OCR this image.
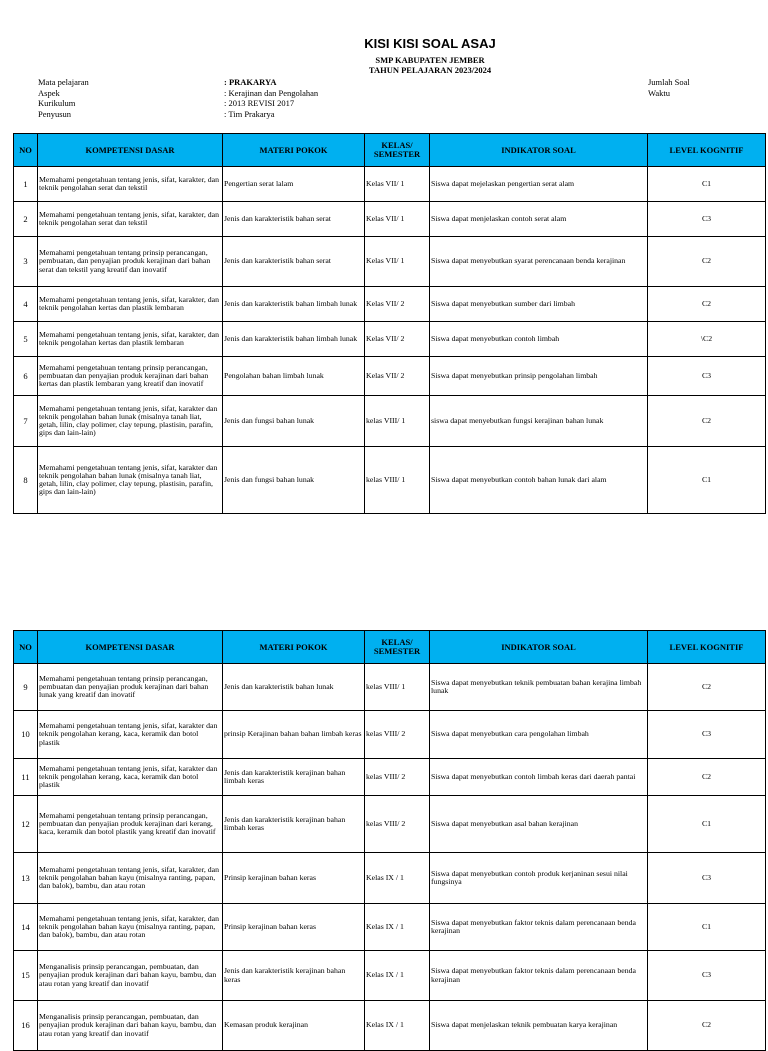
KISI KISI SOAL ASAJ
SMP KABUPATEN JEMBER
TAHUN PELAJARAN 2023/2024
Mata pelajaran	: PRAKARYA
Aspek	: Kerajinan dan Pengolahan
Kurikulum	: 2013 REVISI 2017
Penyusun	: Tim Prakarya
Jumlah Soal
Waktu
NO	KOMPETENSI DASAR	MATERI POKOK	KELAS/ SEMESTER	INDIKATOR SOAL	LEVEL KOGNITIF
1	Memahami pengetahuan tentang jenis, sifat, karakter, dan teknik pengolahan serat dan tekstil	Pengertian serat lalam	Kelas VII/ 1	Siswa dapat mejelaskan pengertian serat alam	C1
2	Memahami pengetahuan tentang jenis, sifat, karakter, dan teknik pengolahan serat dan tekstil	Jenis dan karakteristik bahan serat	Kelas VII/ 1	Siswa dapat menjelaskan contoh serat alam	C3
3	Memahami pengetahuan tentang prinsip perancangan, pembuatan, dan penyajian produk kerajinan dari bahan serat dan tekstil yang kreatif dan inovatif	Jenis dan karakteristik bahan serat	Kelas VII/ 1	Siswa dapat menyebutkan syarat perencanaan benda kerajinan	C2
4	Memahami pengetahuan tentang jenis, sifat, karakter, dan teknik pengolahan kertas dan plastik lembaran	Jenis dan karakteristik bahan limbah lunak	Kelas VII/ 2	Siswa dapat menyebutkan sumber dari limbah	C2
5	Memahami pengetahuan tentang jenis, sifat, karakter, dan teknik pengolahan kertas dan plastik lembaran	Jenis dan karakteristik bahan limbah lunak	Kelas VII/ 2	Siswa dapat menyebutkan contoh limbah	\C2
6	Memahami pengetahuan tentang prinsip perancangan, pembuatan dan penyajian produk kerajinan dari bahan kertas dan plastik lembaran yang kreatif dan inovatif	Pengolahan bahan limbah lunak	Kelas VII/ 2	Siswa dapat menyebutkan prinsip pengolahan limbah	C3
7	Memahami pengetahuan tentang jenis, sifat, karakter dan teknik pengolahan bahan lunak (misalnya tanah liat, getah, lilin, clay polimer, clay tepung, plastisin, parafin, gips dan lain-lain)	Jenis dan fungsi bahan lunak	kelas VIII/ 1	siswa dapat menyebutkan fungsi kerajinan bahan lunak	C2
8	Memahami pengetahuan tentang jenis, sifat, karakter dan teknik pengolahan bahan lunak (misalnya tanah liat, getah, lilin, clay polimer, clay tepung, plastisin, parafin, gips dan lain-lain)	Jenis dan fungsi bahan lunak	kelas VIII/ 1	Siswa dapat menyebutkan contoh bahan lunak dari alam	C1
NO	KOMPETENSI DASAR	MATERI POKOK	KELAS/ SEMESTER	INDIKATOR SOAL	LEVEL KOGNITIF
9	Memahami pengetahuan tentang prinsip perancangan, pembuatan dan penyajian produk kerajinan dari bahan lunak yang kreatif dan inovatif	Jenis dan karakteristik bahan lunak	kelas VIII/ 1	Siswa dapat menyebutkan teknik pembuatan bahan kerajina limbah lunak	C2
10	Memahami pengetahuan tentang jenis, sifat, karakter dan teknik pengolahan kerang, kaca, keramik dan botol plastik	prinsip Kerajinan bahan bahan limbah keras	kelas VIII/ 2	Siswa dapat menyebutkan cara pengolahan limbah	C3
11	Memahami pengetahuan tentang jenis, sifat, karakter dan teknik pengolahan kerang, kaca, keramik dan botol plastik	Jenis dan karakteristik kerajinan bahan limbah keras	kelas VIII/ 2	Siswa dapat menyebutkan contoh limbah keras dari daerah pantai	C2
12	Memahami pengetahuan tentang prinsip perancangan, pembuatan dan penyajian produk kerajinan dari kerang, kaca, keramik dan botol plastik yang kreatif dan inovatif	Jenis dan karakteristik kerajinan bahan limbah keras	kelas VIII/ 2	Siswa dapat menyebutkan asal bahan kerajinan	C1
13	Memahami pengetahuan tentang jenis, sifat, karakter, dan teknik pengolahan bahan kayu (misalnya ranting, papan, dan balok), bambu, dan atau rotan	Prinsip kerajinan bahan keras	Kelas IX / 1	Siswa dapat menyebutkan contoh produk kerjaninan sesui nilai fungsinya	C3
14	Memahami pengetahuan tentang jenis, sifat, karakter, dan teknik pengolahan bahan kayu (misalnya ranting, papan, dan balok), bambu, dan atau rotan	Prinsip kerajinan bahan keras	Kelas IX / 1	Siswa dapat menyebutkan faktor teknis dalam perencanaan benda kerajinan	C1
15	Menganalisis prinsip perancangan, pembuatan, dan penyajian produk kerajinan dari bahan kayu, bambu, dan atau rotan yang kreatif dan inovatif	Jenis dan karakteristik kerajinan bahan keras	Kelas IX / 1	Siswa dapat menyebutkan faktor teknis dalam perencanaan benda kerajinan	C3
16	Menganalisis prinsip perancangan, pembuatan, dan penyajian produk kerajinan dari bahan kayu, bambu, dan atau rotan yang kreatif dan inovatif	Kemasan produk kerajinan	Kelas IX / 1	Siswa dapat menjelaskan teknik pembuatan karya kerajinan	C2
